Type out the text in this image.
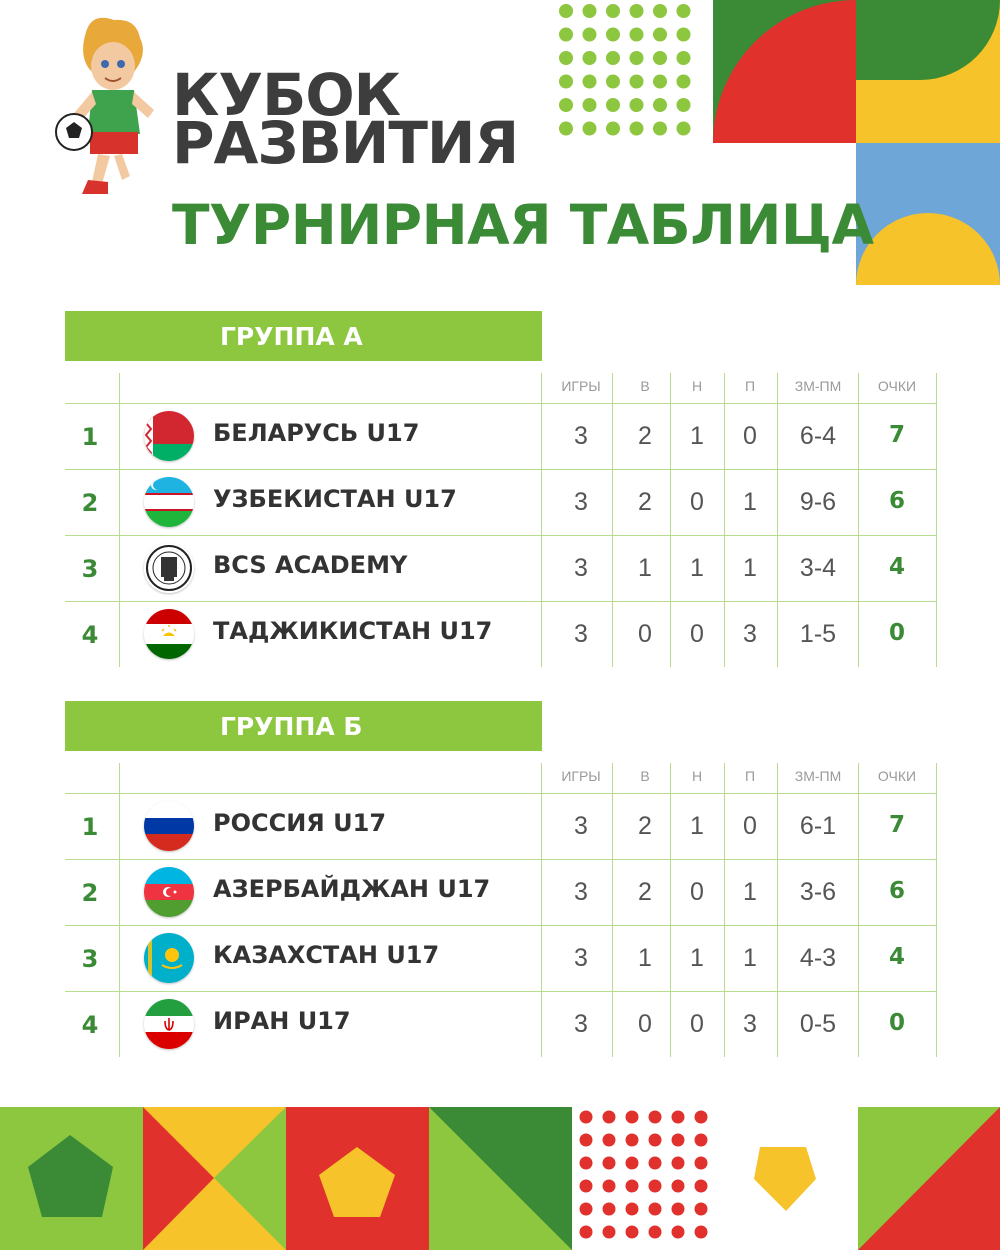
КУБОК
РАЗВИТИЯ
ТУРНИРНАЯ ТАБЛИЦА
ГРУППА А
ИГРЫ	В	Н	П	ЗМ-ПМ	ОЧКИ
1	БЕЛАРУСЬ U17	3	2	1	0	6-4	7
2	УЗБЕКИСТАН U17	3	2	0	1	9-6	6
3	BCS ACADEMY	3	1	1	1	3-4	4
4	ТАДЖИКИСТАН U17	3	0	0	3	1-5	0
ГРУППА Б
ИГРЫ	В	Н	П	ЗМ-ПМ	ОЧКИ
1	РОССИЯ U17	3	2	1	0	6-1	7
2	АЗЕРБАЙДЖАН U17	3	2	0	1	3-6	6
3	КАЗАХСТАН U17	3	1	1	1	4-3	4
4	ИРАН U17	3	0	0	3	0-5	0
